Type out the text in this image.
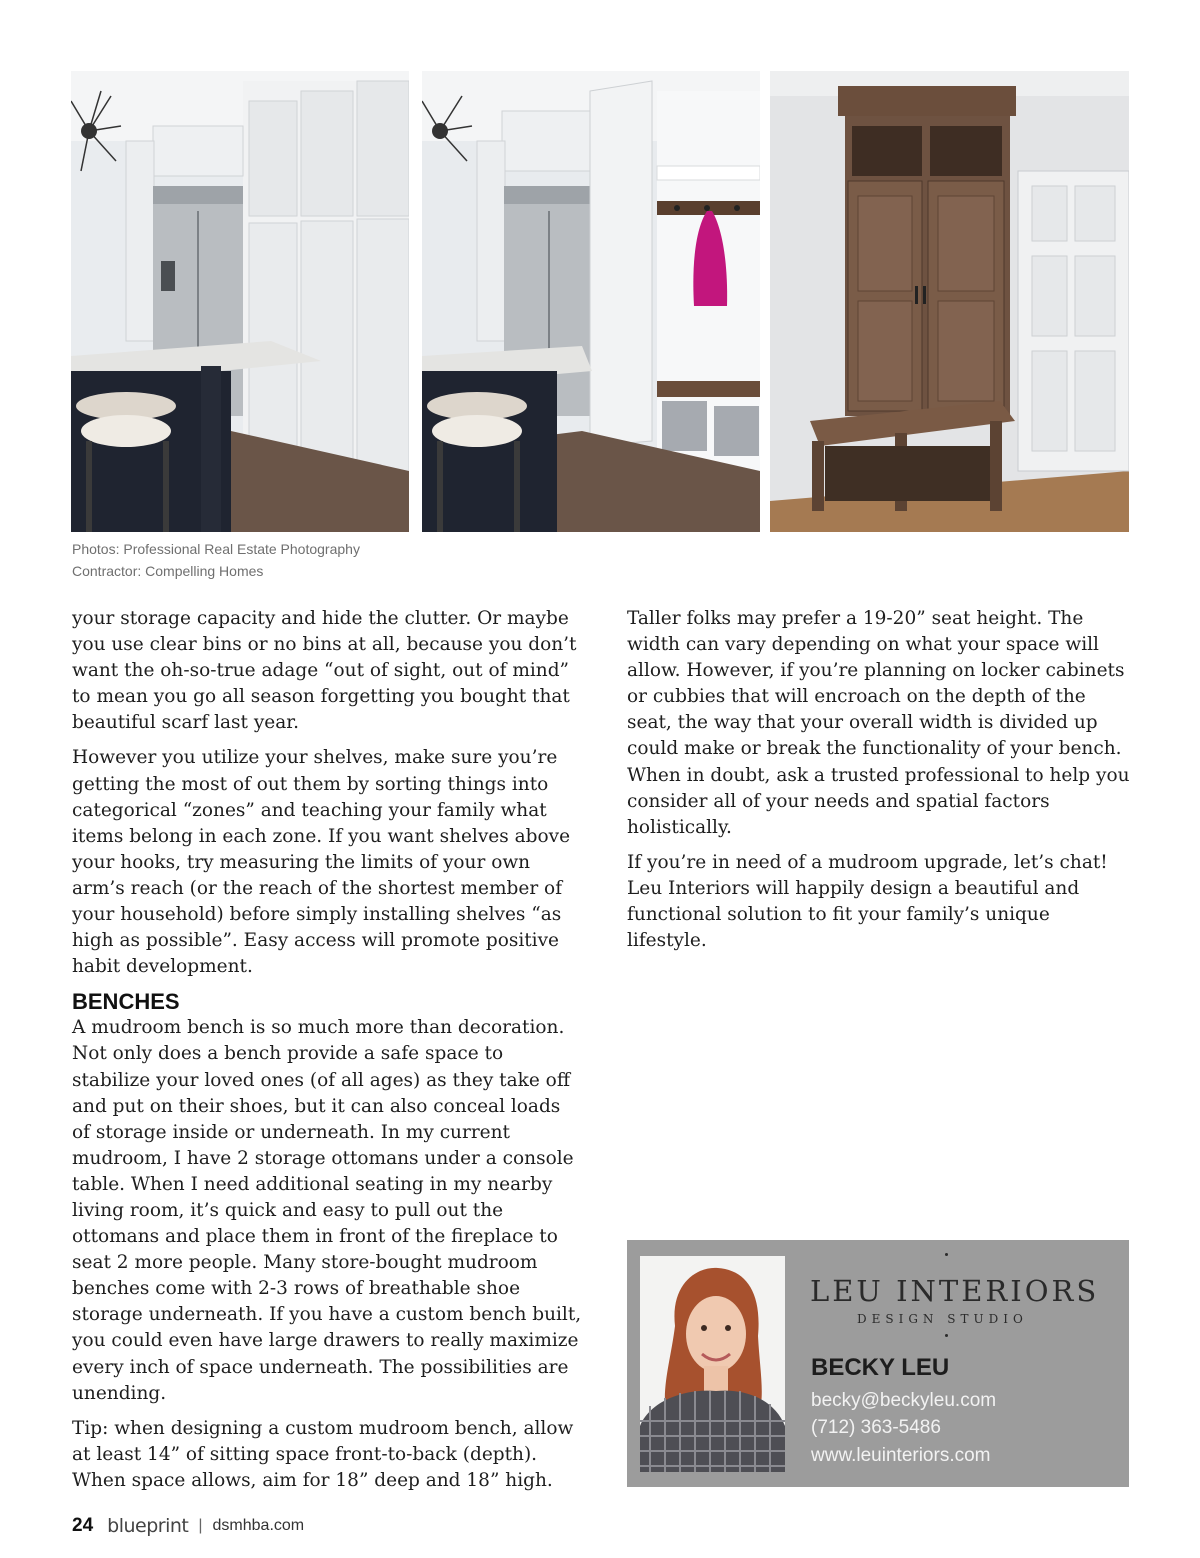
Photos: Professional Real Estate Photography
Contractor: Compelling Homes

your storage capacity and hide the clutter. Or maybe you use clear bins or no bins at all, because you don’t want the oh-so-true adage “out of sight, out of mind” to mean you go all season forgetting you bought that beautiful scarf last year.

However you utilize your shelves, make sure you’re getting the most of out them by sorting things into categorical “zones” and teaching your family what items belong in each zone. If you want shelves above your hooks, try measuring the limits of your own arm’s reach (or the reach of the shortest member of your household) before simply installing shelves “as high as possible”. Easy access will promote positive habit development.

BENCHES

A mudroom bench is so much more than decoration. Not only does a bench provide a safe space to stabilize your loved ones (of all ages) as they take off and put on their shoes, but it can also conceal loads of storage inside or underneath. In my current mudroom, I have 2 storage ottomans under a console table. When I need additional seating in my nearby living room, it’s quick and easy to pull out the ottomans and place them in front of the fireplace to seat 2 more people. Many store-bought mudroom benches come with 2-3 rows of breathable shoe storage underneath. If you have a custom bench built, you could even have large drawers to really maximize every inch of space underneath. The possibilities are unending.

Tip: when designing a custom mudroom bench, allow at least 14” of sitting space front-to-back (depth). When space allows, aim for 18” deep and 18” high.

Taller folks may prefer a 19-20” seat height. The width can vary depending on what your space will allow. However, if you’re planning on locker cabinets or cubbies that will encroach on the depth of the seat, the way that your overall width is divided up could make or break the functionality of your bench. When in doubt, ask a trusted professional to help you consider all of your needs and spatial factors holistically.

If you’re in need of a mudroom upgrade, let’s chat! Leu Interiors will happily design a beautiful and functional solution to fit your family’s unique lifestyle.

LEU INTERIORS
DESIGN STUDIO
BECKY LEU
becky@beckyleu.com
(712) 363-5486
www.leuinteriors.com
24 blueprint | dsmhba.com
